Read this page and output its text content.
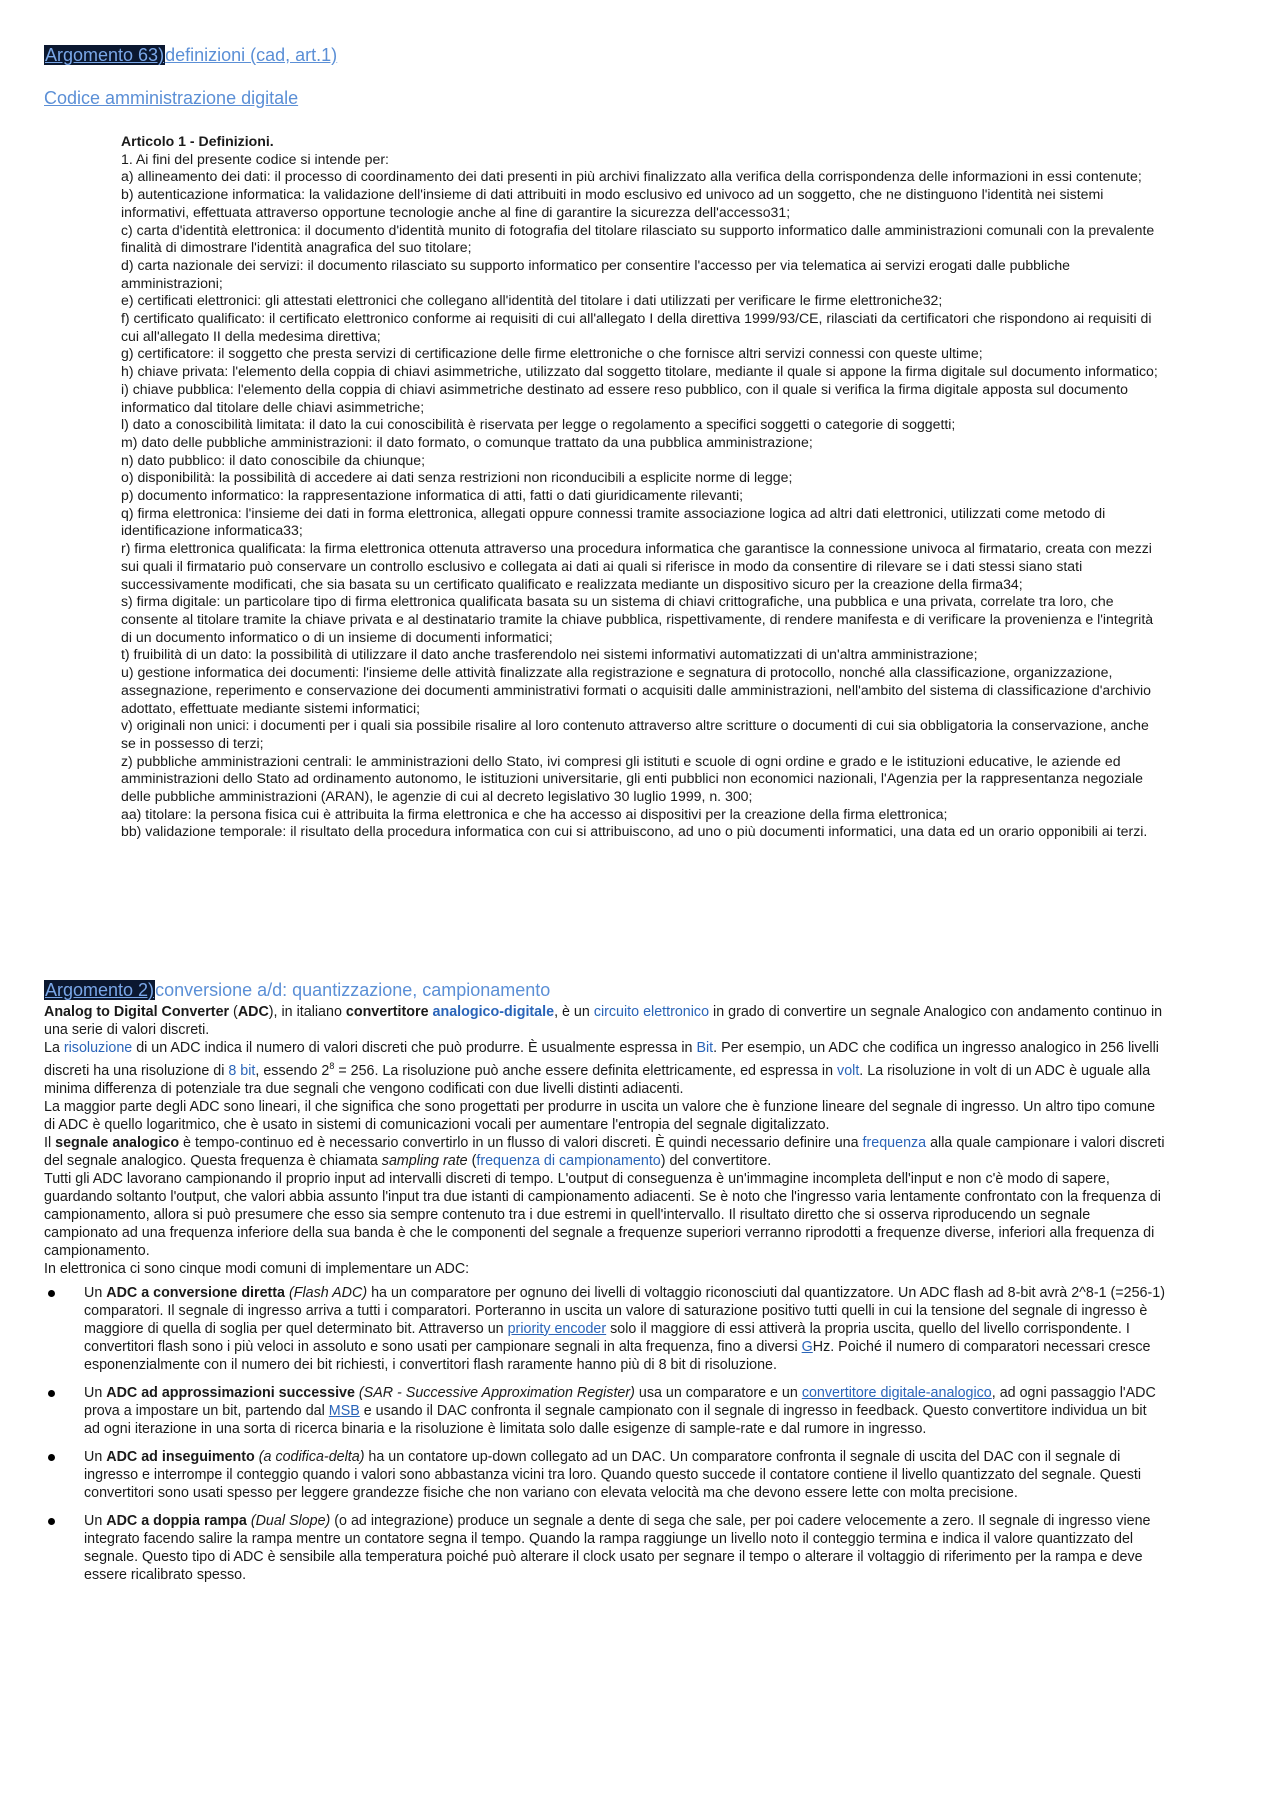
Argomento 63)definizioni (cad, art.1)
Codice amministrazione digitale

Articolo 1 - Definizioni.

1. Ai fini del presente codice si intende per:

a) allineamento dei dati: il processo di coordinamento dei dati presenti in più archivi finalizzato alla verifica della corrispondenza delle informazioni in essi contenute;

b) autenticazione informatica: la validazione dell'insieme di dati attribuiti in modo esclusivo ed univoco ad un soggetto, che ne distinguono l'identità nei sistemi informativi, effettuata attraverso opportune tecnologie anche al fine di garantire la sicurezza dell'accesso31;

c) carta d'identità elettronica: il documento d'identità munito di fotografia del titolare rilasciato su supporto informatico dalle amministrazioni comunali con la prevalente finalità di dimostrare l'identità anagrafica del suo titolare;

d) carta nazionale dei servizi: il documento rilasciato su supporto informatico per consentire l'accesso per via telematica ai servizi erogati dalle pubbliche amministrazioni;

e) certificati elettronici: gli attestati elettronici che collegano all'identità del titolare i dati utilizzati per verificare le firme elettroniche32;

f) certificato qualificato: il certificato elettronico conforme ai requisiti di cui all'allegato I della direttiva 1999/93/CE, rilasciati da certificatori che rispondono ai requisiti di cui all'allegato II della medesima direttiva;

g) certificatore: il soggetto che presta servizi di certificazione delle firme elettroniche o che fornisce altri servizi connessi con queste ultime;

h) chiave privata: l'elemento della coppia di chiavi asimmetriche, utilizzato dal soggetto titolare, mediante il quale si appone la firma digitale sul documento informatico;

i) chiave pubblica: l'elemento della coppia di chiavi asimmetriche destinato ad essere reso pubblico, con il quale si verifica la firma digitale apposta sul documento informatico dal titolare delle chiavi asimmetriche;

l) dato a conoscibilità limitata: il dato la cui conoscibilità è riservata per legge o regolamento a specifici soggetti o categorie di soggetti;

m) dato delle pubbliche amministrazioni: il dato formato, o comunque trattato da una pubblica amministrazione;

n) dato pubblico: il dato conoscibile da chiunque;

o) disponibilità: la possibilità di accedere ai dati senza restrizioni non riconducibili a esplicite norme di legge;

p) documento informatico: la rappresentazione informatica di atti, fatti o dati giuridicamente rilevanti;

q) firma elettronica: l'insieme dei dati in forma elettronica, allegati oppure connessi tramite associazione logica ad altri dati elettronici, utilizzati come metodo di identificazione informatica33;

r) firma elettronica qualificata: la firma elettronica ottenuta attraverso una procedura informatica che garantisce la connessione univoca al firmatario, creata con mezzi sui quali il firmatario può conservare un controllo esclusivo e collegata ai dati ai quali si riferisce in modo da consentire di rilevare se i dati stessi siano stati successivamente modificati, che sia basata su un certificato qualificato e realizzata mediante un dispositivo sicuro per la creazione della firma34;

s) firma digitale: un particolare tipo di firma elettronica qualificata basata su un sistema di chiavi crittografiche, una pubblica e una privata, correlate tra loro, che consente al titolare tramite la chiave privata e al destinatario tramite la chiave pubblica, rispettivamente, di rendere manifesta e di verificare la provenienza e l'integrità di un documento informatico o di un insieme di documenti informatici;

t) fruibilità di un dato: la possibilità di utilizzare il dato anche trasferendolo nei sistemi informativi automatizzati di un'altra amministrazione;

u) gestione informatica dei documenti: l'insieme delle attività finalizzate alla registrazione e segnatura di protocollo, nonché alla classificazione, organizzazione, assegnazione, reperimento e conservazione dei documenti amministrativi formati o acquisiti dalle amministrazioni, nell'ambito del sistema di classificazione d'archivio adottato, effettuate mediante sistemi informatici;

v) originali non unici: i documenti per i quali sia possibile risalire al loro contenuto attraverso altre scritture o documenti di cui sia obbligatoria la conservazione, anche se in possesso di terzi;

z) pubbliche amministrazioni centrali: le amministrazioni dello Stato, ivi compresi gli istituti e scuole di ogni ordine e grado e le istituzioni educative, le aziende ed amministrazioni dello Stato ad ordinamento autonomo, le istituzioni universitarie, gli enti pubblici non economici nazionali, l'Agenzia per la rappresentanza negoziale delle pubbliche amministrazioni (ARAN), le agenzie di cui al decreto legislativo 30 luglio 1999, n. 300;

aa) titolare: la persona fisica cui è attribuita la firma elettronica e che ha accesso ai dispositivi per la creazione della firma elettronica;

bb) validazione temporale: il risultato della procedura informatica con cui si attribuiscono, ad uno o più documenti informatici, una data ed un orario opponibili ai terzi.

Argomento 2)conversione a/d: quantizzazione, campionamento

Analog to Digital Converter (ADC), in italiano convertitore analogico-digitale, è un circuito elettronico in grado di convertire un segnale Analogico con andamento continuo in una serie di valori discreti.

La risoluzione di un ADC indica il numero di valori discreti che può produrre. È usualmente espressa in Bit. Per esempio, un ADC che codifica un ingresso analogico in 256 livelli discreti ha una risoluzione di 8 bit, essendo $2^8 = 256$. La risoluzione può anche essere definita elettricamente, ed espressa in volt. La risoluzione in volt di un ADC è uguale alla minima differenza di potenziale tra due segnali che vengono codificati con due livelli distinti adiacenti.

La maggior parte degli ADC sono lineari, il che significa che sono progettati per produrre in uscita un valore che è funzione lineare del segnale di ingresso. Un altro tipo comune di ADC è quello logaritmico, che è usato in sistemi di comunicazioni vocali per aumentare l'entropia del segnale digitalizzato.

Il segnale analogico è tempo-continuo ed è necessario convertirlo in un flusso di valori discreti. È quindi necessario definire una frequenza alla quale campionare i valori discreti del segnale analogico. Questa frequenza è chiamata sampling rate (frequenza di campionamento) del convertitore.

Tutti gli ADC lavorano campionando il proprio input ad intervalli discreti di tempo. L'output di conseguenza è un'immagine incompleta dell'input e non c'è modo di sapere, guardando soltanto l'output, che valori abbia assunto l'input tra due istanti di campionamento adiacenti. Se è noto che l'ingresso varia lentamente confrontato con la frequenza di campionamento, allora si può presumere che esso sia sempre contenuto tra i due estremi in quell'intervallo. Il risultato diretto che si osserva riproducendo un segnale campionato ad una frequenza inferiore della sua banda è che le componenti del segnale a frequenze superiori verranno riprodotti a frequenze diverse, inferiori alla frequenza di campionamento.

In elettronica ci sono cinque modi comuni di implementare un ADC:

Un ADC a conversione diretta (Flash ADC) ha un comparatore per ognuno dei livelli di voltaggio riconosciuti dal quantizzatore. Un ADC flash ad 8-bit avrà 2^8-1 (=256-1) comparatori. Il segnale di ingresso arriva a tutti i comparatori. Porteranno in uscita un valore di saturazione positivo tutti quelli in cui la tensione del segnale di ingresso è maggiore di quella di soglia per quel determinato bit. Attraverso un priority encoder solo il maggiore di essi attiverà la propria uscita, quello del livello corrispondente. I convertitori flash sono i più veloci in assoluto e sono usati per campionare segnali in alta frequenza, fino a diversi GHz. Poiché il numero di comparatori necessari cresce esponenzialmente con il numero dei bit richiesti, i convertitori flash raramente hanno più di 8 bit di risoluzione.
Un ADC ad approssimazioni successive (SAR - Successive Approximation Register) usa un comparatore e un convertitore digitale-analogico, ad ogni passaggio l'ADC prova a impostare un bit, partendo dal MSB e usando il DAC confronta il segnale campionato con il segnale di ingresso in feedback. Questo convertitore individua un bit ad ogni iterazione in una sorta di ricerca binaria e la risoluzione è limitata solo dalle esigenze di sample-rate e dal rumore in ingresso.
Un ADC ad inseguimento (a codifica-delta) ha un contatore up-down collegato ad un DAC. Un comparatore confronta il segnale di uscita del DAC con il segnale di ingresso e interrompe il conteggio quando i valori sono abbastanza vicini tra loro. Quando questo succede il contatore contiene il livello quantizzato del segnale. Questi convertitori sono usati spesso per leggere grandezze fisiche che non variano con elevata velocità ma che devono essere lette con molta precisione.
Un ADC a doppia rampa (Dual Slope) (o ad integrazione) produce un segnale a dente di sega che sale, per poi cadere velocemente a zero. Il segnale di ingresso viene integrato facendo salire la rampa mentre un contatore segna il tempo. Quando la rampa raggiunge un livello noto il conteggio termina e indica il valore quantizzato del segnale. Questo tipo di ADC è sensibile alla temperatura poiché può alterare il clock usato per segnare il tempo o alterare il voltaggio di riferimento per la rampa e deve essere ricalibrato spesso.
